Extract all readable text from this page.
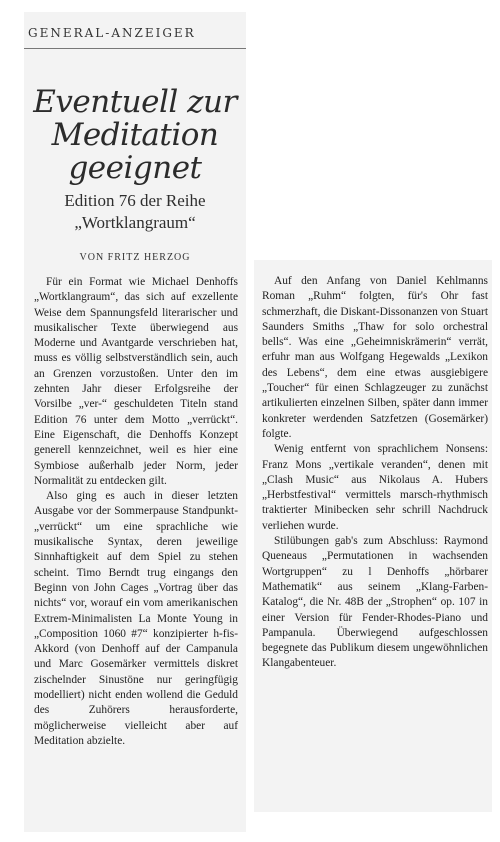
GENERAL-ANZEIGER
Eventuell zur
Meditation
geeignet
Edition 76 der Reihe
„Wortklangraum“
VON FRITZ HERZOG

Für ein Format wie Michael Denhoffs „Wortklangraum“, das sich auf exzellente Weise dem Spannungsfeld literarischer und musikalischer Texte überwiegend aus Moderne und Avantgarde verschrieben hat, muss es völlig selbstverständlich sein, auch an Grenzen vorzustoßen. Unter den im zehnten Jahr dieser Erfolgsreihe der Vorsilbe „ver-“ geschuldeten Titeln stand Edition 76 unter dem Motto „verrückt“. Eine Eigenschaft, die Denhoffs Konzept generell kennzeichnet, weil es hier eine Symbiose außerhalb jeder Norm, jeder Normalität zu entdecken gilt.

Also ging es auch in dieser letzten Ausgabe vor der Sommerpause Standpunkt-„verrückt“ um eine sprachliche wie musikalische Syntax, deren jeweilige Sinnhaftigkeit auf dem Spiel zu stehen scheint. Timo Berndt trug eingangs den Beginn von John Cages „Vortrag über das nichts“ vor, worauf ein vom amerikanischen Extrem-Minimalisten La Monte Young in „Composition 1060 #7“ konzipierter h-fis-Akkord (von Denhoff auf der Campanula und Marc Gosemärker vermittels diskret zischelnder Sinustöne nur geringfügig modelliert) nicht enden wollend die Geduld des Zuhörers herausforderte, möglicherweise vielleicht aber auf Meditation abzielte.

Auf den Anfang von Daniel Kehlmanns Roman „Ruhm“ folgten, für's Ohr fast schmerzhaft, die Diskant-Dissonanzen von Stuart Saunders Smiths „Thaw for solo orchestral bells“. Was eine „Geheimniskrämerin“ verrät, erfuhr man aus Wolfgang Hegewalds „Lexikon des Lebens“, dem eine etwas ausgiebigere „Toucher“ für einen Schlagzeuger zu zunächst artikulierten einzelnen Silben, später dann immer konkreter werdenden Satzfetzen (Gosemärker) folgte.

Wenig entfernt von sprachlichem Nonsens: Franz Mons „vertikale veranden“, denen mit „Clash Music“ aus Nikolaus A. Hubers „Herbstfestival“ vermittels marsch-rhythmisch traktierter Minibecken sehr schrill Nachdruck verliehen wurde.

Stilübungen gab's zum Abschluss: Raymond Queneaus „Permutationen in wachsenden Wortgruppen“ zu l Denhoffs „hörbarer Mathematik“ aus seinem „Klang-Farben-Katalog“, die Nr. 48B der „Strophen“ op. 107 in einer Version für Fender-Rhodes-Piano und Pampanula. Überwiegend aufgeschlossen begegnete das Publikum diesem ungewöhnlichen Klangabenteuer.
